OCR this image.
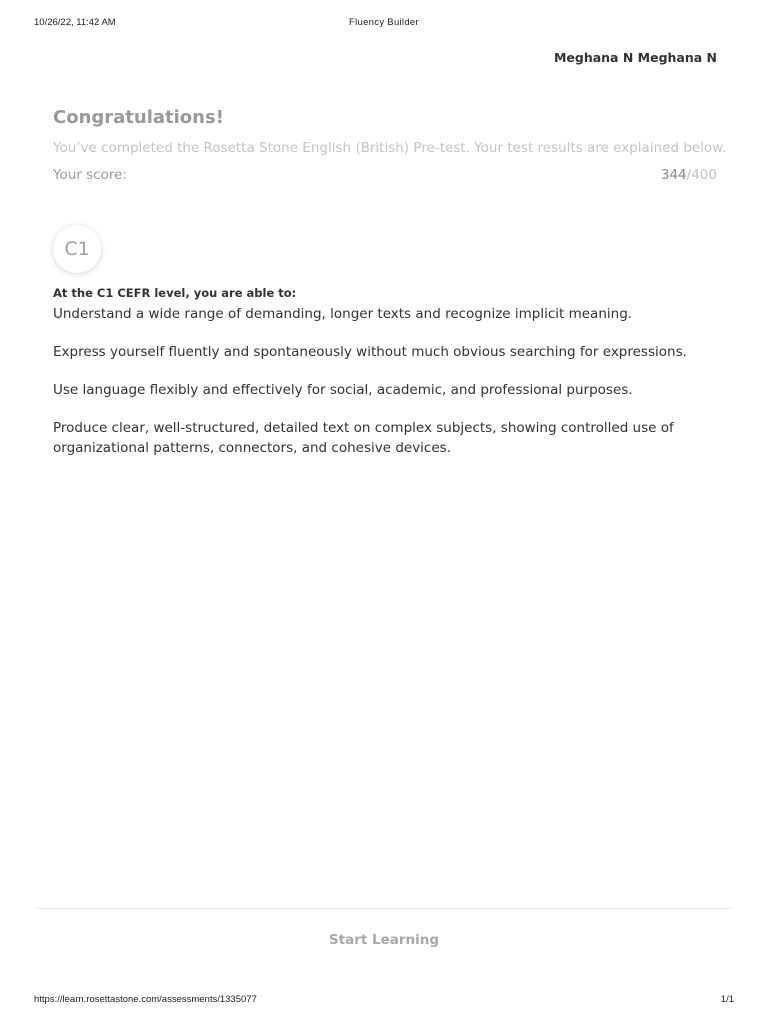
10/26/22, 11:42 AM	Fluency Builder
Meghana N Meghana N
Congratulations!
You’ve completed the Rosetta Stone English (British) Pre-test. Your test results are explained below.
Your score:	344/400
C1
At the C1 CEFR level, you are able to:
Understand a wide range of demanding, longer texts and recognize implicit meaning.
Express yourself fluently and spontaneously without much obvious searching for expressions.
Use language flexibly and effectively for social, academic, and professional purposes.
Produce clear, well-structured, detailed text on complex subjects, showing controlled use of organizational patterns, connectors, and cohesive devices.
Start Learning
https://learn.rosettastone.com/assessments/1335077	1/1
